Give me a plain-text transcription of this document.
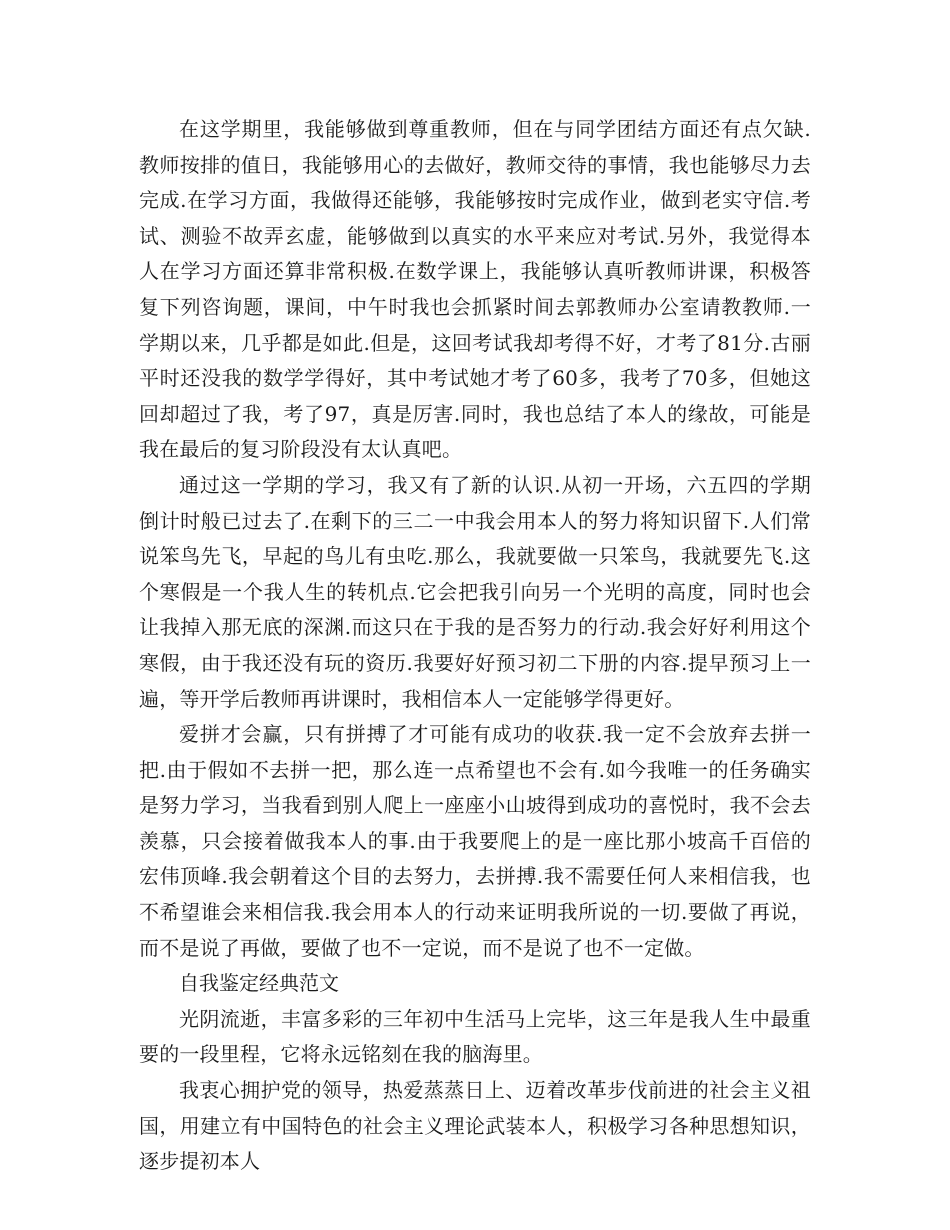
在这学期里，我能够做到尊重教师，但在与同学团结方面还有点欠缺.教师按排的值日，我能够用心的去做好，教师交待的事情，我也能够尽力去完成.在学习方面，我做得还能够，我能够按时完成作业，做到老实守信.考试、测验不故弄玄虚，能够做到以真实的水平来应对考试.另外，我觉得本人在学习方面还算非常积极.在数学课上，我能够认真听教师讲课，积极答复下列咨询题，课间，中午时我也会抓紧时间去郭教师办公室请教教师.一学期以来，几乎都是如此.但是，这回考试我却考得不好，才考了81分.古丽平时还没我的数学学得好，其中考试她才考了60多，我考了70多，但她这回却超过了我，考了97，真是厉害.同时，我也总结了本人的缘故，可能是我在最后的复习阶段没有太认真吧。

通过这一学期的学习，我又有了新的认识.从初一开场，六五四的学期倒计时般已过去了.在剩下的三二一中我会用本人的努力将知识留下.人们常说笨鸟先飞，早起的鸟儿有虫吃.那么，我就要做一只笨鸟，我就要先飞.这个寒假是一个我人生的转机点.它会把我引向另一个光明的高度，同时也会让我掉入那无底的深渊.而这只在于我的是否努力的行动.我会好好利用这个寒假，由于我还没有玩的资历.我要好好预习初二下册的内容.提早预习上一遍，等开学后教师再讲课时，我相信本人一定能够学得更好。

爱拼才会赢，只有拼搏了才可能有成功的收获.我一定不会放弃去拼一把.由于假如不去拼一把，那么连一点希望也不会有.如今我唯一的任务确实是努力学习，当我看到别人爬上一座座小山坡得到成功的喜悦时，我不会去羡慕，只会接着做我本人的事.由于我要爬上的是一座比那小坡高千百倍的宏伟顶峰.我会朝着这个目的去努力，去拼搏.我不需要任何人来相信我，也不希望谁会来相信我.我会用本人的行动来证明我所说的一切.要做了再说，而不是说了再做，要做了也不一定说，而不是说了也不一定做。

自我鉴定经典范文

光阴流逝，丰富多彩的三年初中生活马上完毕，这三年是我人生中最重要的一段里程，它将永远铭刻在我的脑海里。

我衷心拥护党的领导，热爱蒸蒸日上、迈着改革步伐前进的社会主义祖国，用建立有中国特色的社会主义理论武装本人，积极学习各种思想知识，逐步提初本人
